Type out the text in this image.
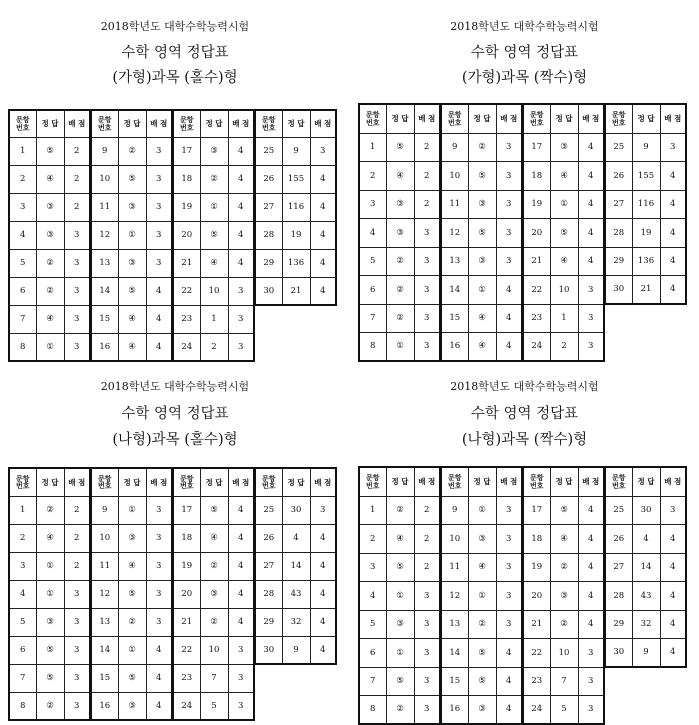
2018학년도 대학수학능력시험
수학 영역 정답표
(가형)과목 (홀수)형
문항
번호	정 답	배 점
1	⑤	2
2	④	2
3	③	2
4	③	3
5	②	3
6	②	3
7	④	3
8	①	3
문항
번호	정 답	배 점
9	②	3
10	⑤	3
11	③	3
12	①	3
13	③	3
14	⑤	4
15	④	4
16	④	4
문항
번호	정 답	배 점
17	③	4
18	②	4
19	①	4
20	⑤	4
21	④	4
22	10	3
23	1	3
24	2	3
문항
번호	정 답	배 점
25	9	3
26	155	4
27	116	4
28	19	4
29	136	4
30	21	4
2018학년도 대학수학능력시험
수학 영역 정답표
(가형)과목 (짝수)형
문항
번호	정 답	배 점
1	⑤	2
2	④	2
3	③	2
4	③	3
5	②	3
6	②	3
7	②	3
8	①	3
문항
번호	정 답	배 점
9	②	3
10	⑤	3
11	③	3
12	⑤	3
13	③	3
14	①	4
15	④	4
16	④	4
문항
번호	정 답	배 점
17	③	4
18	④	4
19	①	4
20	⑤	4
21	④	4
22	10	3
23	1	3
24	2	3
문항
번호	정 답	배 점
25	9	3
26	155	4
27	116	4
28	19	4
29	136	4
30	21	4
2018학년도 대학수학능력시험
수학 영역 정답표
(나형)과목 (홀수)형
문항
번호	정 답	배 점
1	②	2
2	④	2
3	①	2
4	①	3
5	③	3
6	⑤	3
7	⑤	3
8	②	3
문항
번호	정 답	배 점
9	①	3
10	③	3
11	④	3
12	⑤	3
13	②	3
14	①	4
15	⑤	4
16	③	4
문항
번호	정 답	배 점
17	⑤	4
18	④	4
19	②	4
20	③	4
21	②	4
22	10	3
23	7	3
24	5	3
문항
번호	정 답	배 점
25	30	3
26	4	4
27	14	4
28	43	4
29	32	4
30	9	4
2018학년도 대학수학능력시험
수학 영역 정답표
(나형)과목 (짝수)형
문항
번호	정 답	배 점
1	②	2
2	④	2
3	⑤	2
4	①	3
5	③	3
6	①	3
7	⑤	3
8	②	3
문항
번호	정 답	배 점
9	①	3
10	③	3
11	④	3
12	①	3
13	②	3
14	⑤	4
15	⑤	4
16	③	4
문항
번호	정 답	배 점
17	⑤	4
18	④	4
19	②	4
20	③	4
21	②	4
22	10	3
23	7	3
24	5	3
문항
번호	정 답	배 점
25	30	3
26	4	4
27	14	4
28	43	4
29	32	4
30	9	4
